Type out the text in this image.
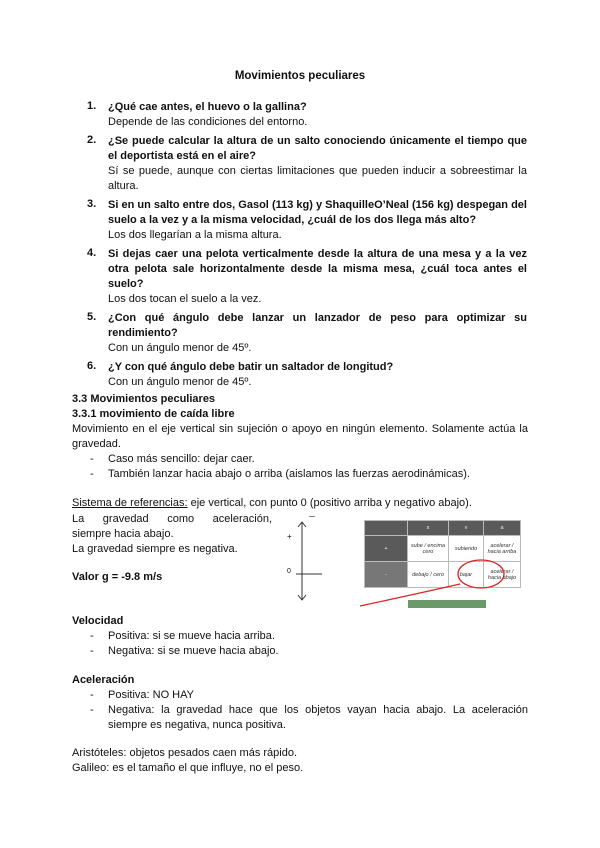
Movimientos peculiares
1.	¿Qué cae antes, el huevo o la gallina?
Depende de las condiciones del entorno.
2.	¿Se puede calcular la altura de un salto conociendo únicamente el tiempo que el deportista está en el aire?
Sí se puede, aunque con ciertas limitaciones que pueden inducir a sobreestimar la altura.
3.	Si en un salto entre dos, Gasol (113 kg) y ShaquilleO’Neal (156 kg) despegan del suelo a la vez y a la misma velocidad, ¿cuál de los dos llega más alto?
Los dos llegarían a la misma altura.
4.	Si dejas caer una pelota verticalmente desde la altura de una mesa y a la vez otra pelota sale horizontalmente desde la misma mesa, ¿cuál toca antes el suelo?
Los dos tocan el suelo a la vez.
5.	¿Con qué ángulo debe lanzar un lanzador de peso para optimizar su rendimiento?
Con un ángulo menor de 45º.
6.	¿Y con qué ángulo debe batir un saltador de longitud?
Con un ángulo menor de 45º.
3.3 Movimientos peculiares
3.3.1 movimiento de caída libre
Movimiento en el eje vertical sin sujeción o apoyo en ningún elemento. Solamente actúa la gravedad.
- Caso más sencillo: dejar caer.
- También lanzar hacia abajo o arriba (aislamos las fuerzas aerodinámicas).
Sistema de referencias: eje vertical, con punto 0 (positivo arriba y negativo abajo).
La gravedad como aceleración,
siempre hacia abajo.
La gravedad siempre es negativa.
Valor g = -9.8 m/s
+
0
	s	v	a
+	sube / encima cero	subiendo	acelerar / hacia arriba
-	debajo / cero	bajar	acelerar / hacia abajo
Velocidad
- Positiva: si se mueve hacia arriba.
- Negativa: si se mueve hacia abajo.
Aceleración
- Positiva: NO HAY
- Negativa: la gravedad hace que los objetos vayan hacia abajo. La aceleración siempre es negativa, nunca positiva.
Aristóteles: objetos pesados caen más rápido.
Galileo: es el tamaño el que influye, no el peso.
